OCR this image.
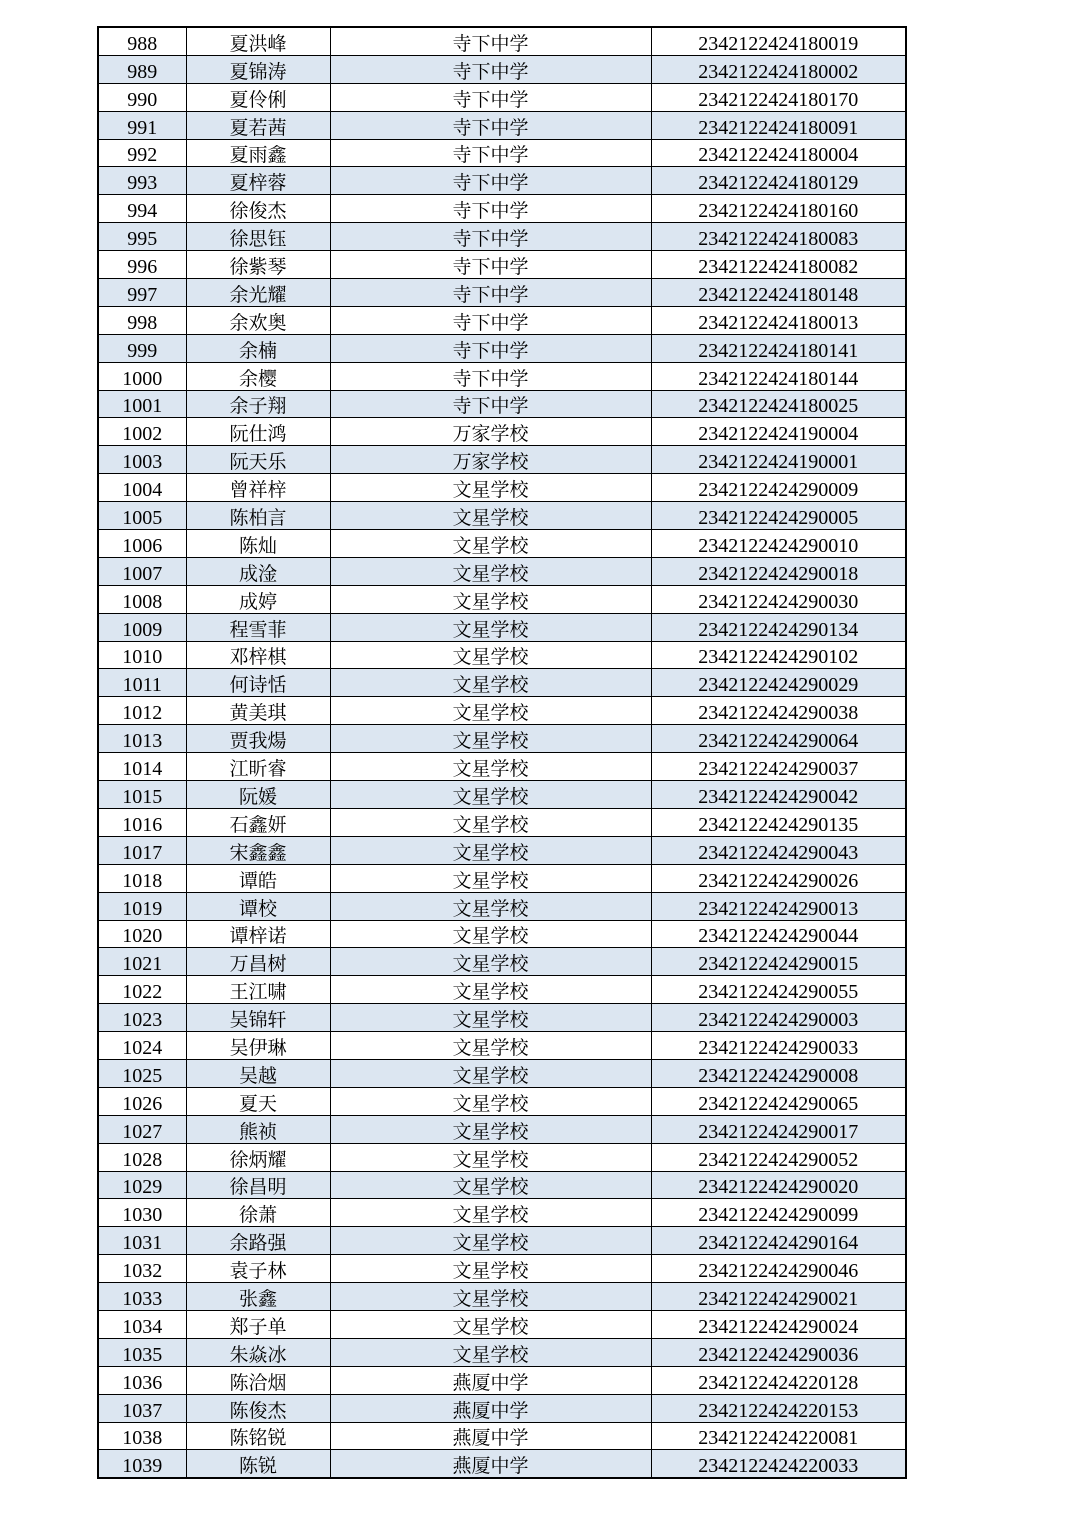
988	夏洪峰	寺下中学	2342122424180019
989	夏锦涛	寺下中学	2342122424180002
990	夏伶俐	寺下中学	2342122424180170
991	夏若茜	寺下中学	2342122424180091
992	夏雨鑫	寺下中学	2342122424180004
993	夏梓蓉	寺下中学	2342122424180129
994	徐俊杰	寺下中学	2342122424180160
995	徐思钰	寺下中学	2342122424180083
996	徐紫琴	寺下中学	2342122424180082
997	余光耀	寺下中学	2342122424180148
998	余欢奥	寺下中学	2342122424180013
999	余楠	寺下中学	2342122424180141
1000	余樱	寺下中学	2342122424180144
1001	余子翔	寺下中学	2342122424180025
1002	阮仕鸿	万家学校	2342122424190004
1003	阮天乐	万家学校	2342122424190001
1004	曾祥梓	文星学校	2342122424290009
1005	陈柏言	文星学校	2342122424290005
1006	陈灿	文星学校	2342122424290010
1007	成淦	文星学校	2342122424290018
1008	成婷	文星学校	2342122424290030
1009	程雪菲	文星学校	2342122424290134
1010	邓梓棋	文星学校	2342122424290102
1011	何诗恬	文星学校	2342122424290029
1012	黄美琪	文星学校	2342122424290038
1013	贾我煬	文星学校	2342122424290064
1014	江昕睿	文星学校	2342122424290037
1015	阮媛	文星学校	2342122424290042
1016	石鑫妍	文星学校	2342122424290135
1017	宋鑫鑫	文星学校	2342122424290043
1018	谭皓	文星学校	2342122424290026
1019	谭校	文星学校	2342122424290013
1020	谭梓诺	文星学校	2342122424290044
1021	万昌树	文星学校	2342122424290015
1022	王江啸	文星学校	2342122424290055
1023	吴锦轩	文星学校	2342122424290003
1024	吴伊琳	文星学校	2342122424290033
1025	吴越	文星学校	2342122424290008
1026	夏天	文星学校	2342122424290065
1027	熊祯	文星学校	2342122424290017
1028	徐炳耀	文星学校	2342122424290052
1029	徐昌明	文星学校	2342122424290020
1030	徐萧	文星学校	2342122424290099
1031	余路强	文星学校	2342122424290164
1032	袁子林	文星学校	2342122424290046
1033	张鑫	文星学校	2342122424290021
1034	郑子单	文星学校	2342122424290024
1035	朱焱冰	文星学校	2342122424290036
1036	陈洽烟	燕厦中学	2342122424220128
1037	陈俊杰	燕厦中学	2342122424220153
1038	陈铭锐	燕厦中学	2342122424220081
1039	陈锐	燕厦中学	2342122424220033
